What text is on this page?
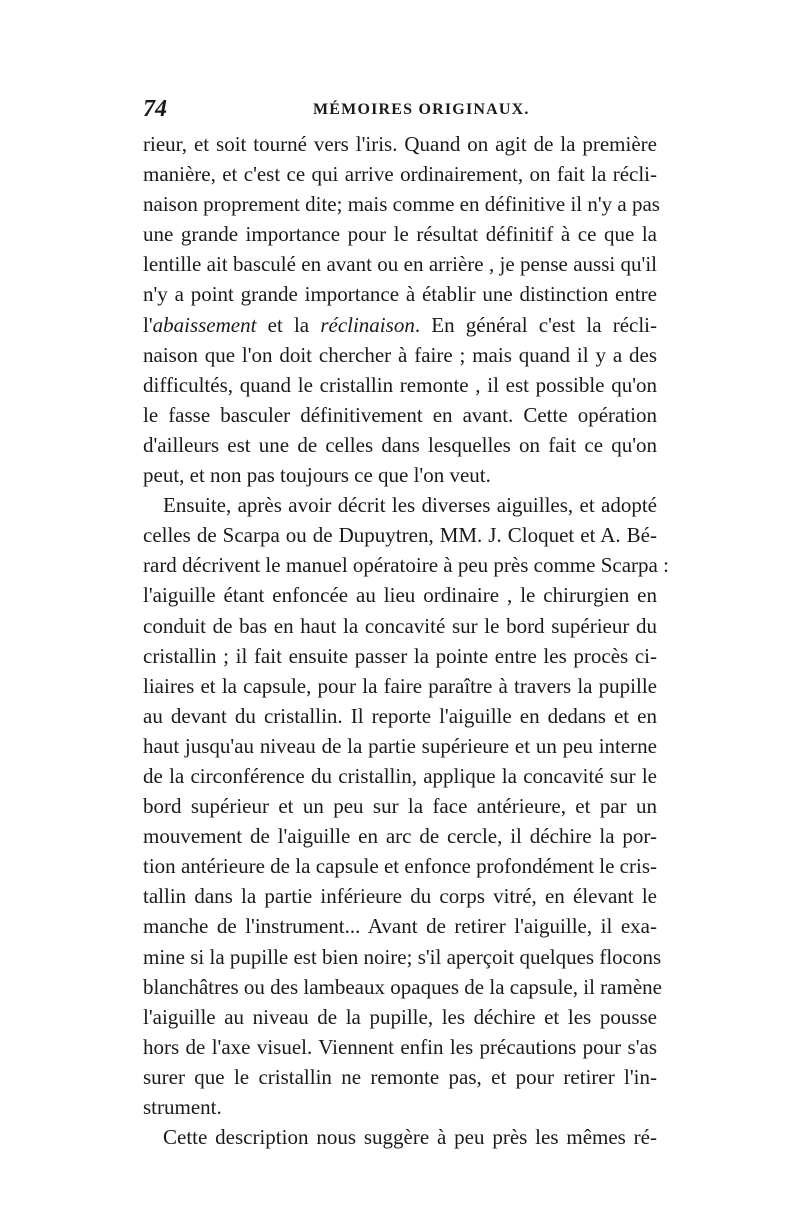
74	MÉMOIRES ORIGINAUX.
rieur, et soit tourné vers l'iris. Quand on agit de la première
manière, et c'est ce qui arrive ordinairement, on fait la récli-
naison proprement dite; mais comme en définitive il n'y a pas
une grande importance pour le résultat définitif à ce que la
lentille ait basculé en avant ou en arrière , je pense aussi qu'il
n'y a point grande importance à établir une distinction entre
l'abaissement et la réclinaison. En général c'est la récli-
naison que l'on doit chercher à faire ; mais quand il y a des
difficultés, quand le cristallin remonte , il est possible qu'on
le fasse basculer définitivement en avant. Cette opération
d'ailleurs est une de celles dans lesquelles on fait ce qu'on
peut, et non pas toujours ce que l'on veut.
Ensuite, après avoir décrit les diverses aiguilles, et adopté
celles de Scarpa ou de Dupuytren, MM. J. Cloquet et A. Bé-
rard décrivent le manuel opératoire à peu près comme Scarpa :
l'aiguille étant enfoncée au lieu ordinaire , le chirurgien en
conduit de bas en haut la concavité sur le bord supérieur du
cristallin ; il fait ensuite passer la pointe entre les procès ci-
liaires et la capsule, pour la faire paraître à travers la pupille
au devant du cristallin. Il reporte l'aiguille en dedans et en
haut jusqu'au niveau de la partie supérieure et un peu interne
de la circonférence du cristallin, applique la concavité sur le
bord supérieur et un peu sur la face antérieure, et par un
mouvement de l'aiguille en arc de cercle, il déchire la por-
tion antérieure de la capsule et enfonce profondément le cris-
tallin dans la partie inférieure du corps vitré, en élevant le
manche de l'instrument... Avant de retirer l'aiguille, il exa-
mine si la pupille est bien noire; s'il aperçoit quelques flocons
blanchâtres ou des lambeaux opaques de la capsule, il ramène
l'aiguille au niveau de la pupille, les déchire et les pousse
hors de l'axe visuel. Viennent enfin les précautions pour s'as
surer que le cristallin ne remonte pas, et pour retirer l'in-
strument.
Cette description nous suggère à peu près les mêmes ré-
